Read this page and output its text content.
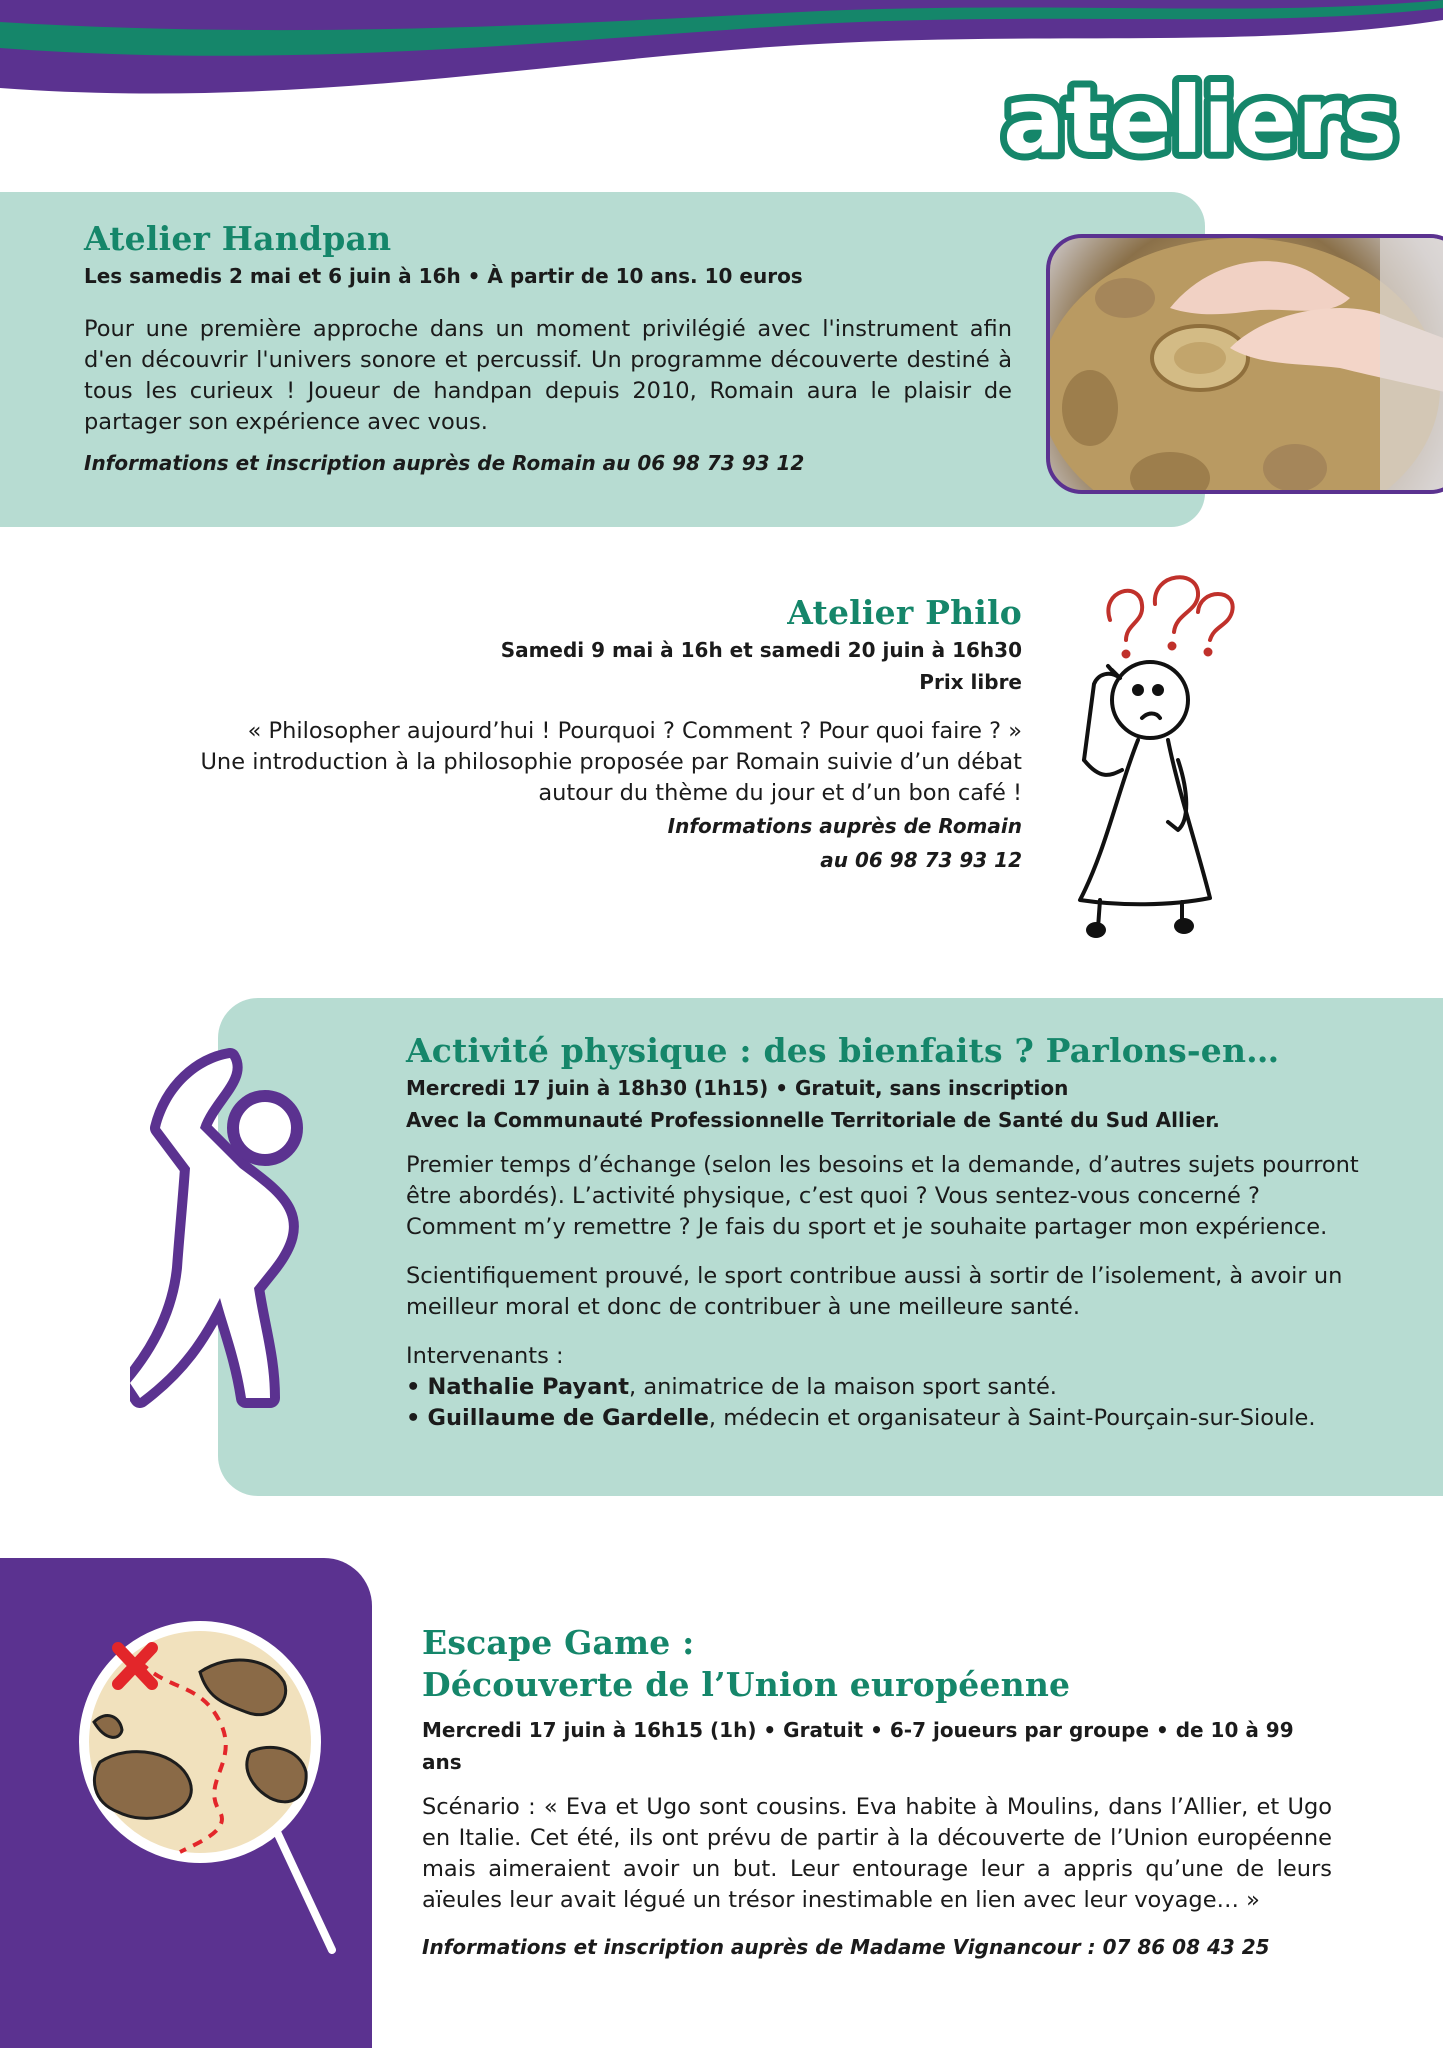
ateliers
Atelier Handpan
Les samedis 2 mai et 6 juin à 16h • À partir de 10 ans. 10 euros
Pour une première approche dans un moment privilégié avec l'instrument afin d'en découvrir l'univers sonore et percussif. Un programme découverte destiné à tous les curieux ! Joueur de handpan depuis 2010, Romain aura le plaisir de partager son expérience avec vous.
Informations et inscription auprès de Romain au 06 98 73 93 12
Atelier Philo
Samedi 9 mai à 16h et samedi 20 juin à 16h30
Prix libre
« Philosopher aujourd’hui ! Pourquoi ? Comment ? Pour quoi faire ? »
Une introduction à la philosophie proposée par Romain suivie d’un débat
autour du thème du jour et d’un bon café !
Informations auprès de Romain
au 06 98 73 93 12
Activité physique : des bienfaits ? Parlons-en…
Mercredi 17 juin à 18h30 (1h15) • Gratuit, sans inscription
Avec la Communauté Professionnelle Territoriale de Santé du Sud Allier.
Premier temps d’échange (selon les besoins et la demande, d’autres sujets pourront être abordés). L’activité physique, c’est quoi ? Vous sentez-vous concerné ? Comment m’y remettre ? Je fais du sport et je souhaite partager mon expérience.
Scientifiquement prouvé, le sport contribue aussi à sortir de l’isolement, à avoir un meilleur moral et donc de contribuer à une meilleure santé.
Intervenants :
• Nathalie Payant, animatrice de la maison sport santé.
• Guillaume de Gardelle, médecin et organisateur à Saint-Pourçain-sur-Sioule.
Escape Game :
Découverte de l’Union européenne
Mercredi 17 juin à 16h15 (1h) • Gratuit • 6-7 joueurs par groupe • de 10 à 99 ans
Scénario : « Eva et Ugo sont cousins. Eva habite à Moulins, dans l’Allier, et Ugo en Italie. Cet été, ils ont prévu de partir à la découverte de l’Union européenne mais aimeraient avoir un but. Leur entourage leur a appris qu’une de leurs aïeules leur avait légué un trésor inestimable en lien avec leur voyage… »
Informations et inscription auprès de Madame Vignancour : 07 86 08 43 25
